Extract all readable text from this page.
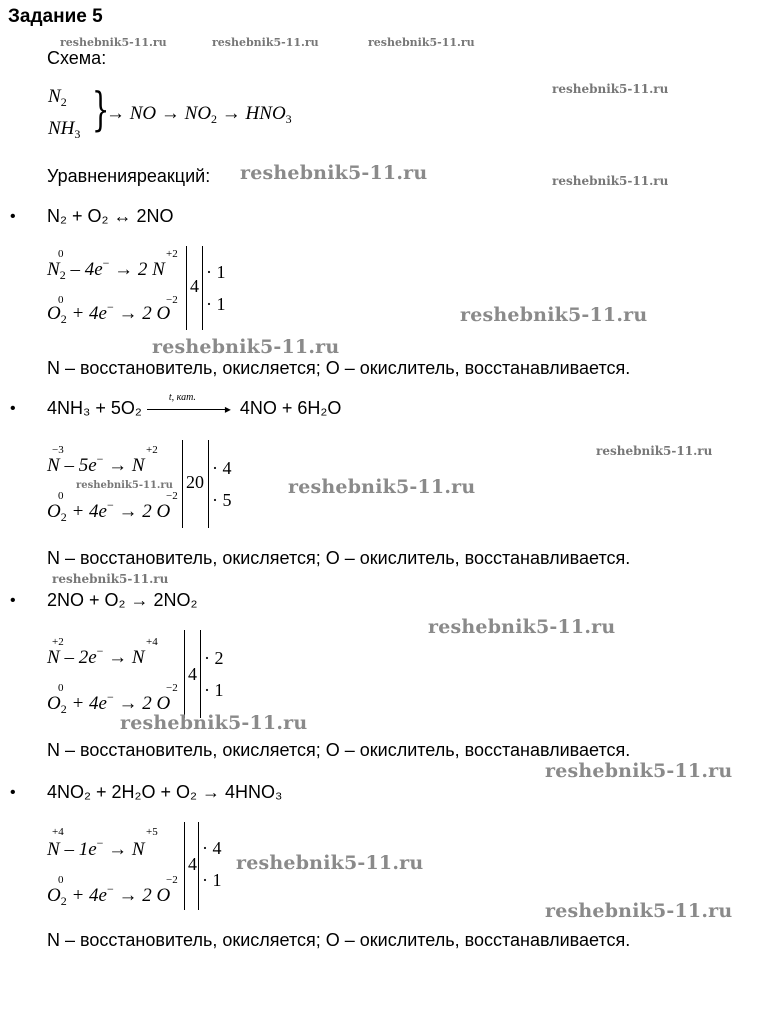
Задание 5
reshebnik5-11.ru	reshebnik5-11.ru	reshebnik5-11.ru
Схема:
reshebnik5-11.ru
$N_2$
$NH_3$ }
→ NO → $NO_2 \to HNO_3$
Уравненияреакций: reshebnik5-11.ru	reshebnik5-11.ru
• N₂ + O₂ ↔ 2NO
$N_2 - 4e^- \to 2$ N
0	+2
$O_2 + 4e^- \to 2$ O
0	−2
4
· 1
· 1	reshebnik5-11.ru
reshebnik5-11.ru
N – восстановитель, окисляется; O – окислитель, восстанавливается.
• 4NH₃ + 5O₂
t, кат.
▸ 4NO + 6H₂O
reshebnik5-11.ru
N – 5e− → N
−3	+2
reshebnik5-11.ru
$O_2 + 4e^- \to 2$ O
0	−2
20
· 4
· 5
reshebnik5-11.ru
N – восстановитель, окисляется; O – окислитель, восстанавливается.
reshebnik5-11.ru
• 2NO + O₂ → 2NO₂
reshebnik5-11.ru
N – 2e− → N
+2	+4
$O_2 + 4e^- \to 2$ O
0	−2
4
· 2
· 1
reshebnik5-11.ru
N – восстановитель, окисляется; O – окислитель, восстанавливается.
reshebnik5-11.ru
• 4NO₂ + 2H₂O + O₂ → 4HNO₃
N – 1e− → N
+4	+5
$O_2 + 4e^- \to 2$ O
0	−2
4
· 4
· 1
reshebnik5-11.ru
reshebnik5-11.ru
N – восстановитель, окисляется; O – окислитель, восстанавливается.
